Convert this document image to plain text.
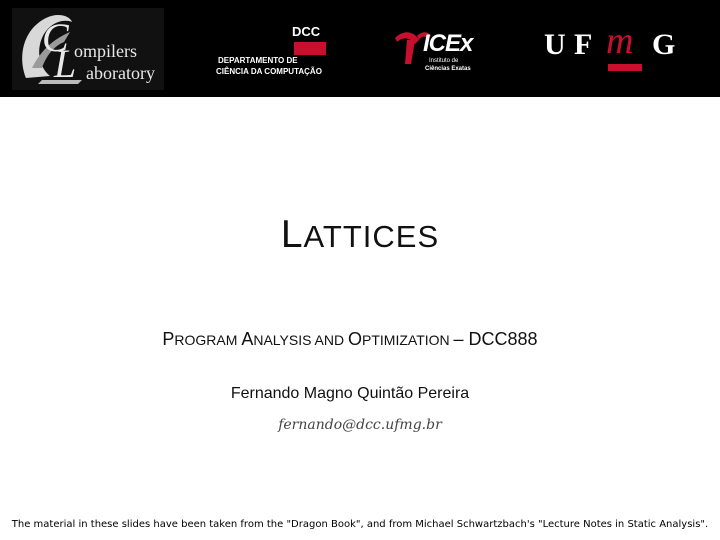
C ompilers
L aboratory
DCC
DEPARTAMENTO DE
CIÊNCIA DA COMPUTAÇÃO
ICEx
Instituto de
Ciências Exatas
U F m G
LATTICES
PROGRAM ANALYSIS AND OPTIMIZATION – DCC888
Fernando Magno Quintão Pereira
fernando@dcc.ufmg.br
The material in these slides have been taken from the "Dragon Book", and from Michael Schwartzbach's "Lecture Notes in Static Analysis".
